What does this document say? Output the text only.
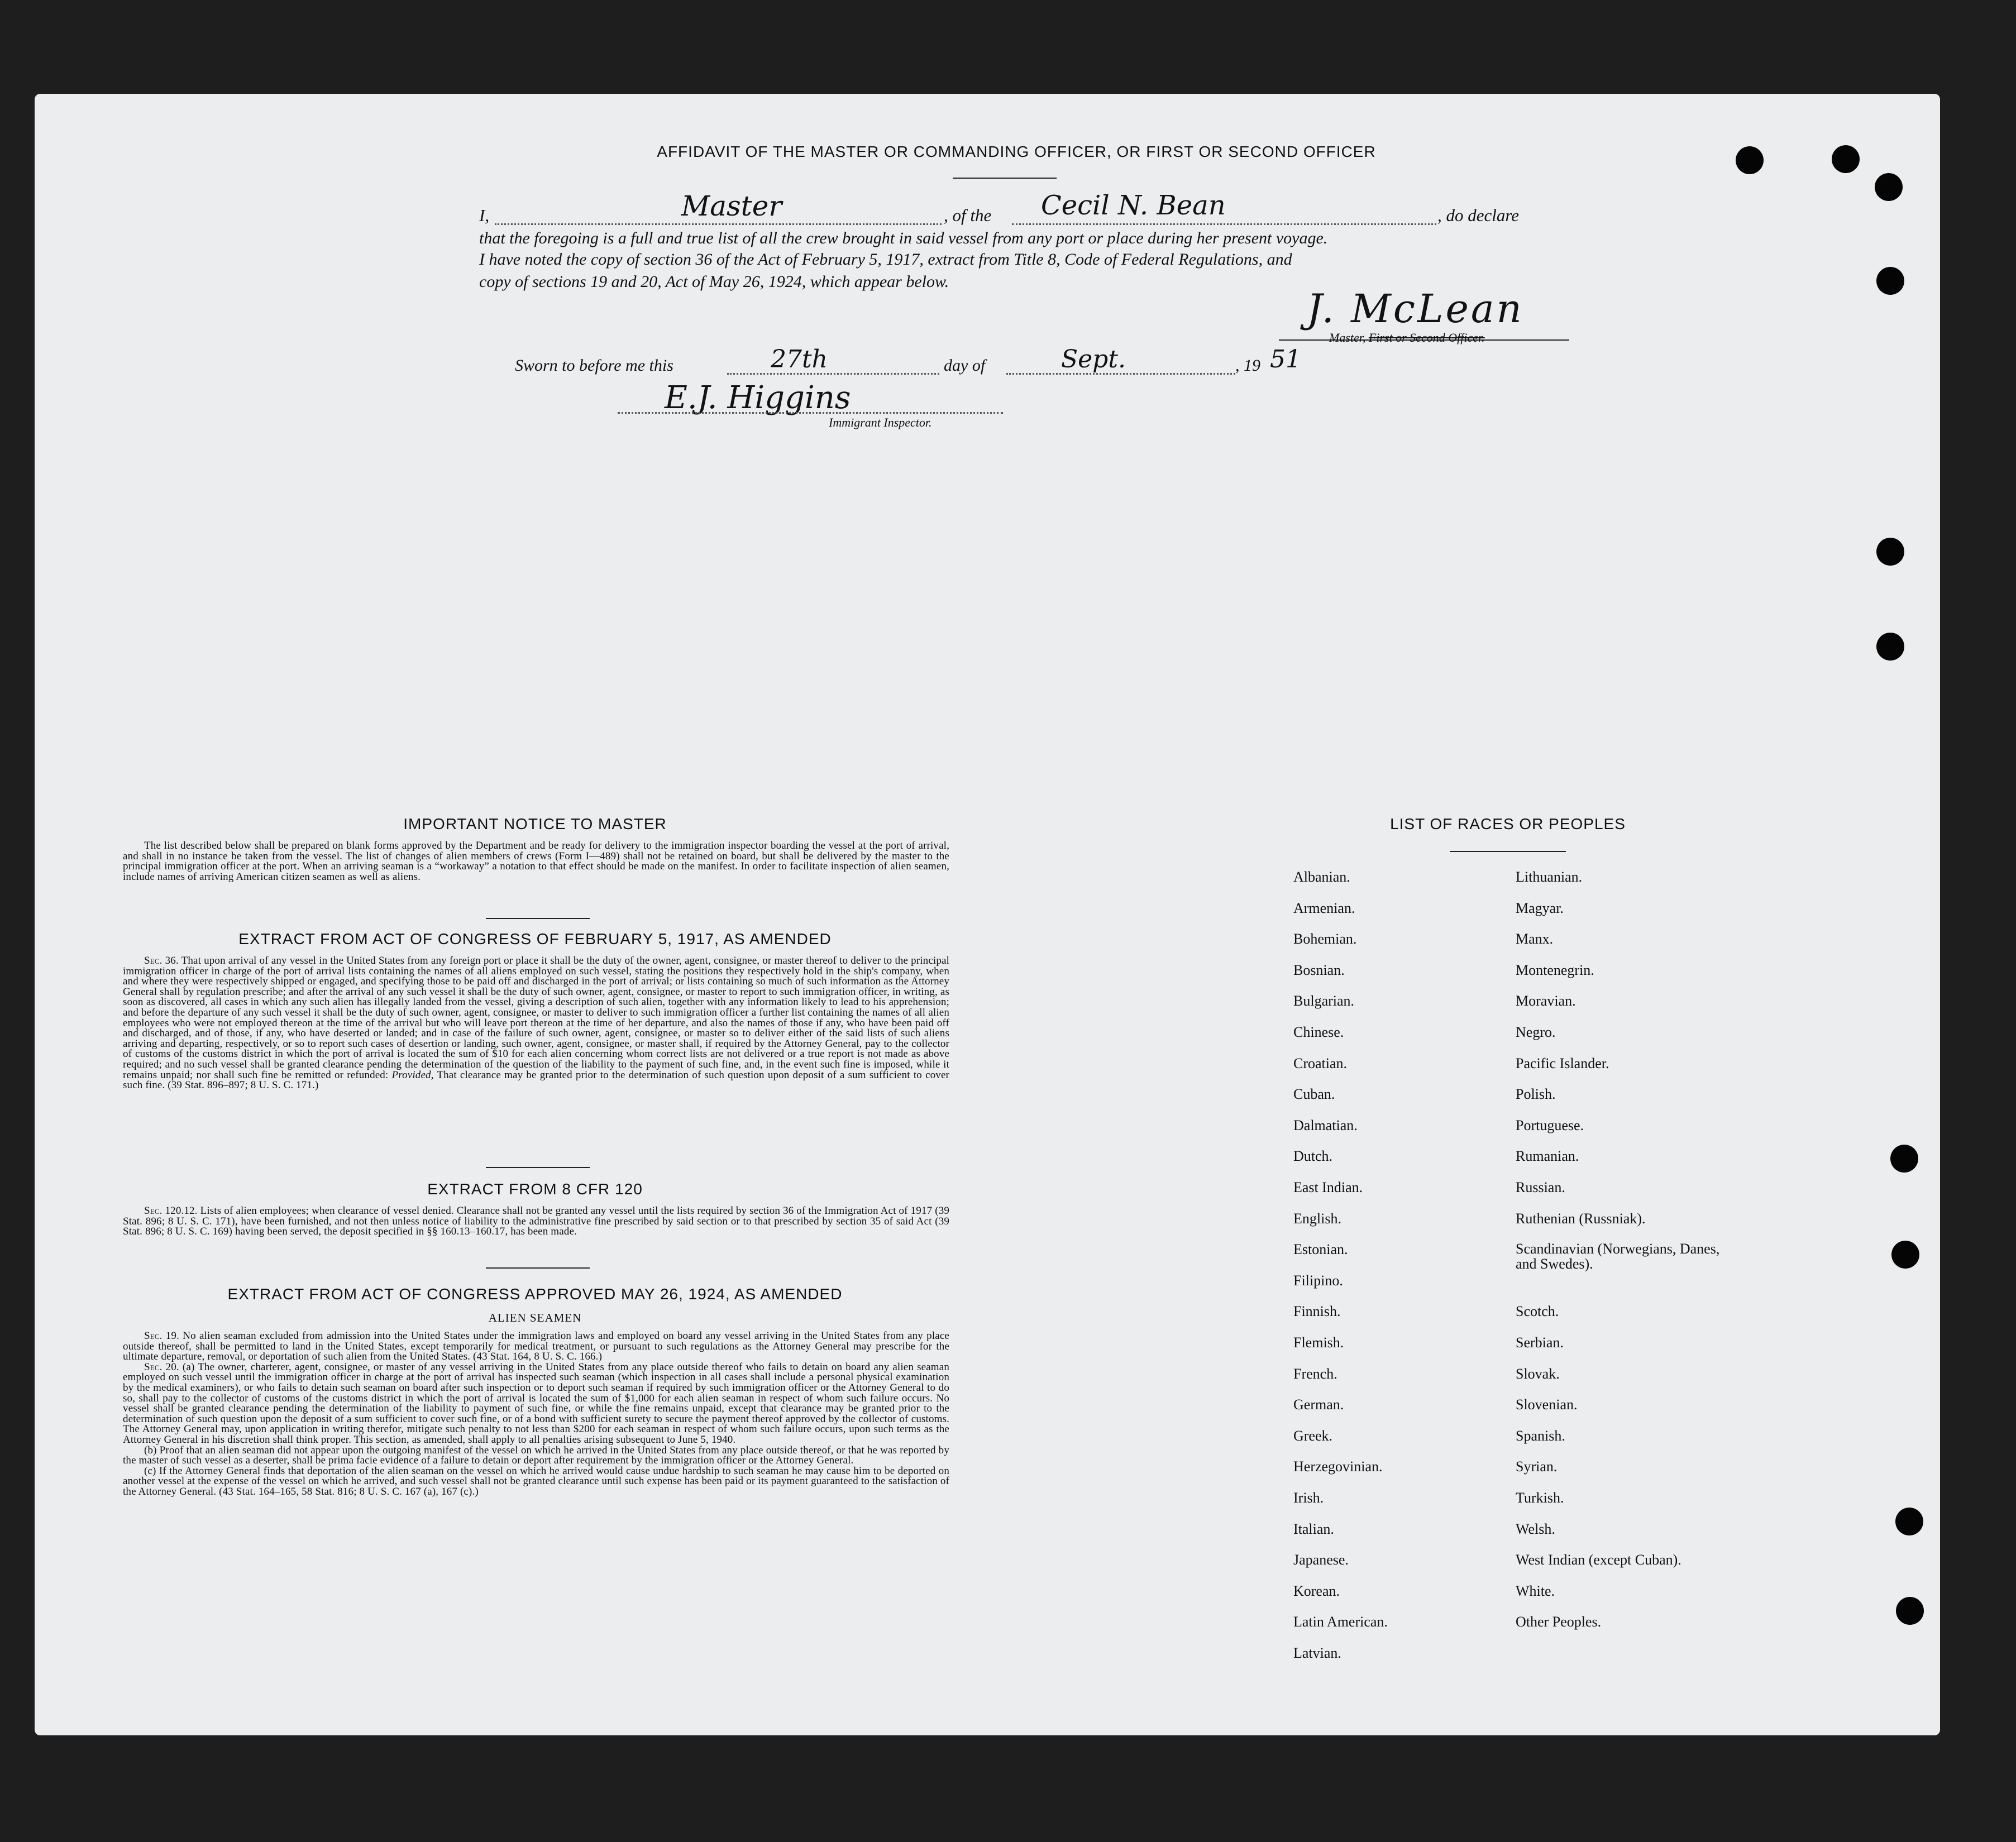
AFFIDAVIT OF THE MASTER OR COMMANDING OFFICER, OR FIRST OR SECOND OFFICER
I,	Master	, of the Cecil N. Bean	, do declare
that the foregoing is a full and true list of all the crew brought in said vessel from any port or place during her present voyage.
I have noted the copy of section 36 of the Act of February 5, 1917, extract from Title 8, Code of Federal Regulations, and
copy of sections 19 and 20, Act of May 26, 1924, which appear below.
J. McLean
Master, First or Second Officer.
Sworn to before me this	27th	day of	Sept.	, 19 51
E.J. Higgins
Immigrant Inspector.
IMPORTANT NOTICE TO MASTER

The list described below shall be prepared on blank forms approved by the Department and be ready for delivery to the immigration inspector boarding the vessel at the port of arrival, and shall in no instance be taken from the vessel. The list of changes of alien members of crews (Form I—489) shall not be retained on board, but shall be delivered by the master to the principal immigration officer at the port. When an arriving seaman is a “workaway” a notation to that effect should be made on the manifest. In order to facilitate inspection of alien seamen, include names of arriving American citizen seamen as well as aliens.

EXTRACT FROM ACT OF CONGRESS OF FEBRUARY 5, 1917, AS AMENDED

Sec. 36. That upon arrival of any vessel in the United States from any foreign port or place it shall be the duty of the owner, agent, consignee, or master thereof to deliver to the principal immigration officer in charge of the port of arrival lists containing the names of all aliens employed on such vessel, stating the positions they respectively hold in the ship's company, when and where they were respectively shipped or engaged, and specifying those to be paid off and discharged in the port of arrival; or lists containing so much of such information as the Attorney General shall by regulation prescribe; and after the arrival of any such vessel it shall be the duty of such owner, agent, consignee, or master to report to such immigration officer, in writing, as soon as discovered, all cases in which any such alien has illegally landed from the vessel, giving a description of such alien, together with any information likely to lead to his apprehension; and before the departure of any such vessel it shall be the duty of such owner, agent, consignee, or master to deliver to such immigration officer a further list containing the names of all alien employees who were not employed thereon at the time of the arrival but who will leave port thereon at the time of her departure, and also the names of those if any, who have been paid off and discharged, and of those, if any, who have deserted or landed; and in case of the failure of such owner, agent, consignee, or master so to deliver either of the said lists of such aliens arriving and departing, respectively, or so to report such cases of desertion or landing, such owner, agent, consignee, or master shall, if required by the Attorney General, pay to the collector of customs of the customs district in which the port of arrival is located the sum of $10 for each alien concerning whom correct lists are not delivered or a true report is not made as above required; and no such vessel shall be granted clearance pending the determination of the question of the liability to the payment of such fine, and, in the event such fine is imposed, while it remains unpaid; nor shall such fine be remitted or refunded: Provided, That clearance may be granted prior to the determination of such question upon deposit of a sum sufficient to cover such fine. (39 Stat. 896–897; 8 U. S. C. 171.)

EXTRACT FROM 8 CFR 120

Sec. 120.12. Lists of alien employees; when clearance of vessel denied. Clearance shall not be granted any vessel until the lists required by section 36 of the Immigration Act of 1917 (39 Stat. 896; 8 U. S. C. 171), have been furnished, and not then unless notice of liability to the administrative fine prescribed by said section or to that prescribed by section 35 of said Act (39 Stat. 896; 8 U. S. C. 169) having been served, the deposit specified in §§ 160.13–160.17, has been made.

EXTRACT FROM ACT OF CONGRESS APPROVED MAY 26, 1924, AS AMENDED
ALIEN SEAMEN

Sec. 19. No alien seaman excluded from admission into the United States under the immigration laws and employed on board any vessel arriving in the United States from any place outside thereof, shall be permitted to land in the United States, except temporarily for medical treatment, or pursuant to such regulations as the Attorney General may prescribe for the ultimate departure, removal, or deportation of such alien from the United States. (43 Stat. 164, 8 U. S. C. 166.)

Sec. 20. (a) The owner, charterer, agent, consignee, or master of any vessel arriving in the United States from any place outside thereof who fails to detain on board any alien seaman employed on such vessel until the immigration officer in charge at the port of arrival has inspected such seaman (which inspection in all cases shall include a personal physical examination by the medical examiners), or who fails to detain such seaman on board after such inspection or to deport such seaman if required by such immigration officer or the Attorney General to do so, shall pay to the collector of customs of the customs district in which the port of arrival is located the sum of $1,000 for each alien seaman in respect of whom such failure occurs. No vessel shall be granted clearance pending the determination of the liability to payment of such fine, or while the fine remains unpaid, except that clearance may be granted prior to the determination of such question upon the deposit of a sum sufficient to cover such fine, or of a bond with sufficient surety to secure the payment thereof approved by the collector of customs. The Attorney General may, upon application in writing therefor, mitigate such penalty to not less than $200 for each seaman in respect of whom such failure occurs, upon such terms as the Attorney General in his discretion shall think proper. This section, as amended, shall apply to all penalties arising subsequent to June 5, 1940.

(b) Proof that an alien seaman did not appear upon the outgoing manifest of the vessel on which he arrived in the United States from any place outside thereof, or that he was reported by the master of such vessel as a deserter, shall be prima facie evidence of a failure to detain or deport after requirement by the immigration officer or the Attorney General.

(c) If the Attorney General finds that deportation of the alien seaman on the vessel on which he arrived would cause undue hardship to such seaman he may cause him to be deported on another vessel at the expense of the vessel on which he arrived, and such vessel shall not be granted clearance until such expense has been paid or its payment guaranteed to the satisfaction of the Attorney General. (43 Stat. 164–165, 58 Stat. 816; 8 U. S. C. 167 (a), 167 (c).)

LIST OF RACES OR PEOPLES
Albanian.
Armenian.
Bohemian.
Bosnian.
Bulgarian.
Chinese.
Croatian.
Cuban.
Dalmatian.
Dutch.
East Indian.
English.
Estonian.
Filipino.
Finnish.
Flemish.
French.
German.
Greek.
Herzegovinian.
Irish.
Italian.
Japanese.
Korean.
Latin American.
Latvian.
Lithuanian.
Magyar.
Manx.
Montenegrin.
Moravian.
Negro.
Pacific Islander.
Polish.
Portuguese.
Rumanian.
Russian.
Ruthenian (Russniak).
Scandinavian (Norwegians, Danes, and Swedes).
Scotch.
Serbian.
Slovak.
Slovenian.
Spanish.
Syrian.
Turkish.
Welsh.
West Indian (except Cuban).
White.
Other Peoples.
